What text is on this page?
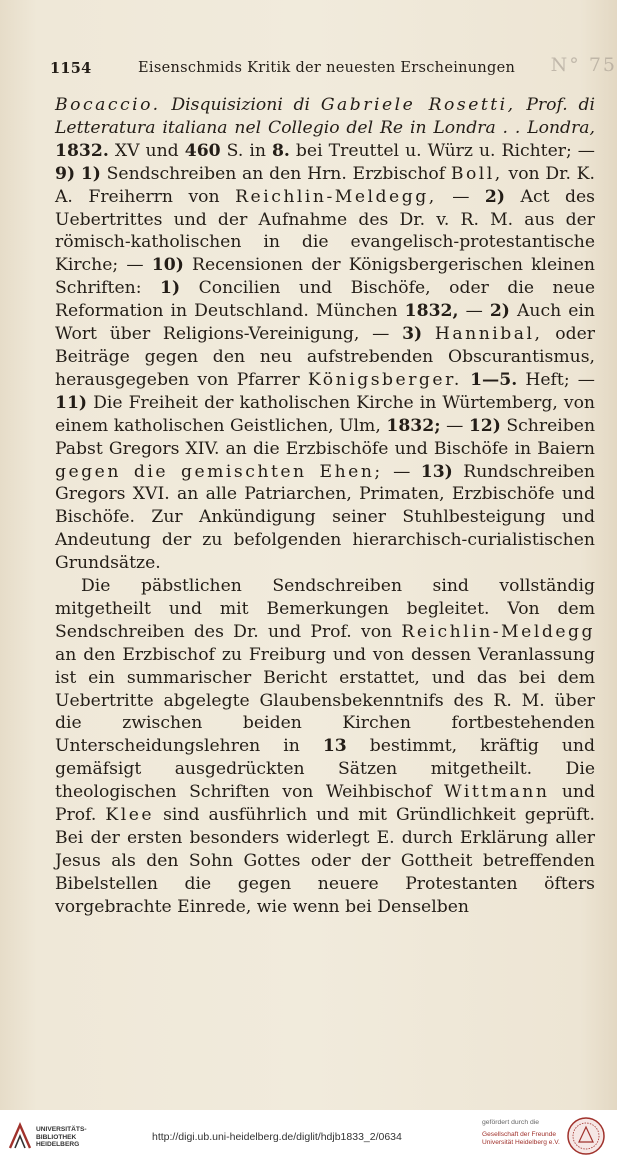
1154	Eisenschmids Kritik der neuesten Erscheinungen N° 75

Bocaccio. Disquisizioni di Gabriele Rosetti, Prof. di Letteratura italiana nel Collegio del Re in Londra . . Londra, 1832. XV und 460 S. in 8. bei Treuttel u. Würz u. Richter; — 9) 1) Sendschreiben an den Hrn. Erzbischof Boll, von Dr. K. A. Freiherrn von Reichlin-Meldegg, — 2) Act des Uebertrittes und der Aufnahme des Dr. v. R. M. aus der römisch-katholischen in die evangelisch-protestantische Kirche; — 10) Recensionen der Königsbergerischen kleinen Schriften: 1) Concilien und Bischöfe, oder die neue Reformation in Deutschland. München 1832, — 2) Auch ein Wort über Religions-Vereinigung, — 3) Hannibal, oder Beiträge gegen den neu aufstrebenden Obscurantismus, herausgegeben von Pfarrer Königsberger. 1—5. Heft; — 11) Die Freiheit der katholischen Kirche in Würtemberg, von einem katholischen Geistlichen, Ulm, 1832; — 12) Schreiben Pabst Gregors XIV. an die Erzbischöfe und Bischöfe in Baiern gegen die gemischten Ehen; — 13) Rundschreiben Gregors XVI. an alle Patriarchen, Primaten, Erzbischöfe und Bischöfe. Zur Ankündigung seiner Stuhlbesteigung und Andeutung der zu befolgenden hierarchisch-curialistischen Grundsätze.

Die päbstlichen Sendschreiben sind vollständig mitgetheilt und mit Bemerkungen begleitet. Von dem Sendschreiben des Dr. und Prof. von Reichlin-Meldegg an den Erzbischof zu Freiburg und von dessen Veranlassung ist ein summarischer Bericht erstattet, und das bei dem Uebertritte abgelegte Glaubensbekenntnifs des R. M. über die zwischen beiden Kirchen fortbestehenden Unterscheidungslehren in 13 bestimmt, kräftig und gemäfsigt ausgedrückten Sätzen mitgetheilt. Die theologischen Schriften von Weihbischof Wittmann und Prof. Klee sind ausführlich und mit Gründlichkeit geprüft. Bei der ersten besonders widerlegt E. durch Erklärung aller Jesus als den Sohn Gottes oder der Gottheit betreffenden Bibelstellen die gegen neuere Protestanten öfters vorgebrachte Einrede, wie wenn bei Denselben

UNIVERSITÄTS-
BIBLIOTHEK
HEIDELBERG
http://digi.ub.uni-heidelberg.de/diglit/hdjb1833_2/0634
gefördert durch die
Gesellschaft der Freunde
Universität Heidelberg e.V.
